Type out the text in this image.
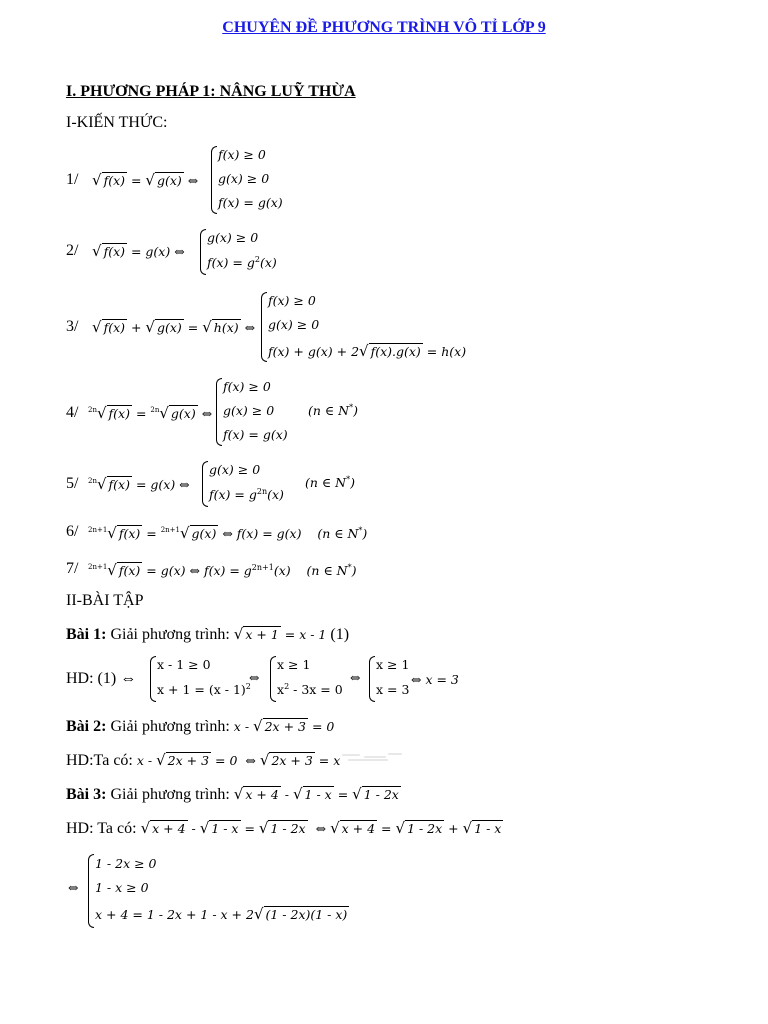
CHUYÊN ĐỀ PHƯƠNG TRÌNH VÔ TỈ LỚP 9
I. PHƯƠNG PHÁP 1: NÂNG LUỸ THỪA
I-KIẾN THỨC:
1/ √ f(x) = √ g(x) ⇔
f(x) ≥ 0
g(x) ≥ 0
f(x) = g(x)
2/ √ f(x) = g(x) ⇔
g(x) ≥ 0
$f(x) = g^2(x)$
3/ √ f(x) + √ g(x) = √ h(x) ⇔
f(x) ≥ 0
g(x) ≥ 0
f(x) + g(x) + 2√ f(x).g(x) = h(x)
4/ $^{2n}$√ f(x) = $^{2n}$√ g(x) ⇔
f(x) ≥ 0
g(x) ≥ 0
f(x) = g(x)
(n ∈ N*)
5/ $^{2n}$√ f(x) = g(x) ⇔
g(x) ≥ 0
$f(x) = g^{2n}(x)$
(n ∈ N*)
6/ $^{2n+1}$√ f(x) = $^{2n+1}$√ g(x) ⇔ f(x) = g(x)    (n ∈ N*)
7/ $^{2n+1}$√ f(x) = g(x) ⇔ $f(x) = g^{2n+1}(x)$    (n ∈ N*)
II-BÀI TẬP
Bài 1: Giải phương trình: √ x + 1 = x - 1 (1)
HD: (1) ⇔
x - 1 ≥ 0
x + 1 = (x - 1)$^2$
⇔
x ≥ 1
$x^2 - 3x = 0$
⇔
x ≥ 1
x = 3
⇔ x = 3
Bài 2: Giải phương trình: x - √ 2x + 3 = 0
HD:Ta có: x - √ 2x + 3 = 0 ⇔ √ 2x + 3 = x
Bài 3: Giải phương trình: √ x + 4 - √ 1 - x = √ 1 - 2x
HD: Ta có: √ x + 4 - √ 1 - x = √ 1 - 2x ⇔ √ x + 4 = √ 1 - 2x + √ 1 - x
⇔
1 - 2x ≥ 0
1 - x ≥ 0
x + 4 = 1 - 2x + 1 - x + 2√ (1 - 2x)(1 - x)
